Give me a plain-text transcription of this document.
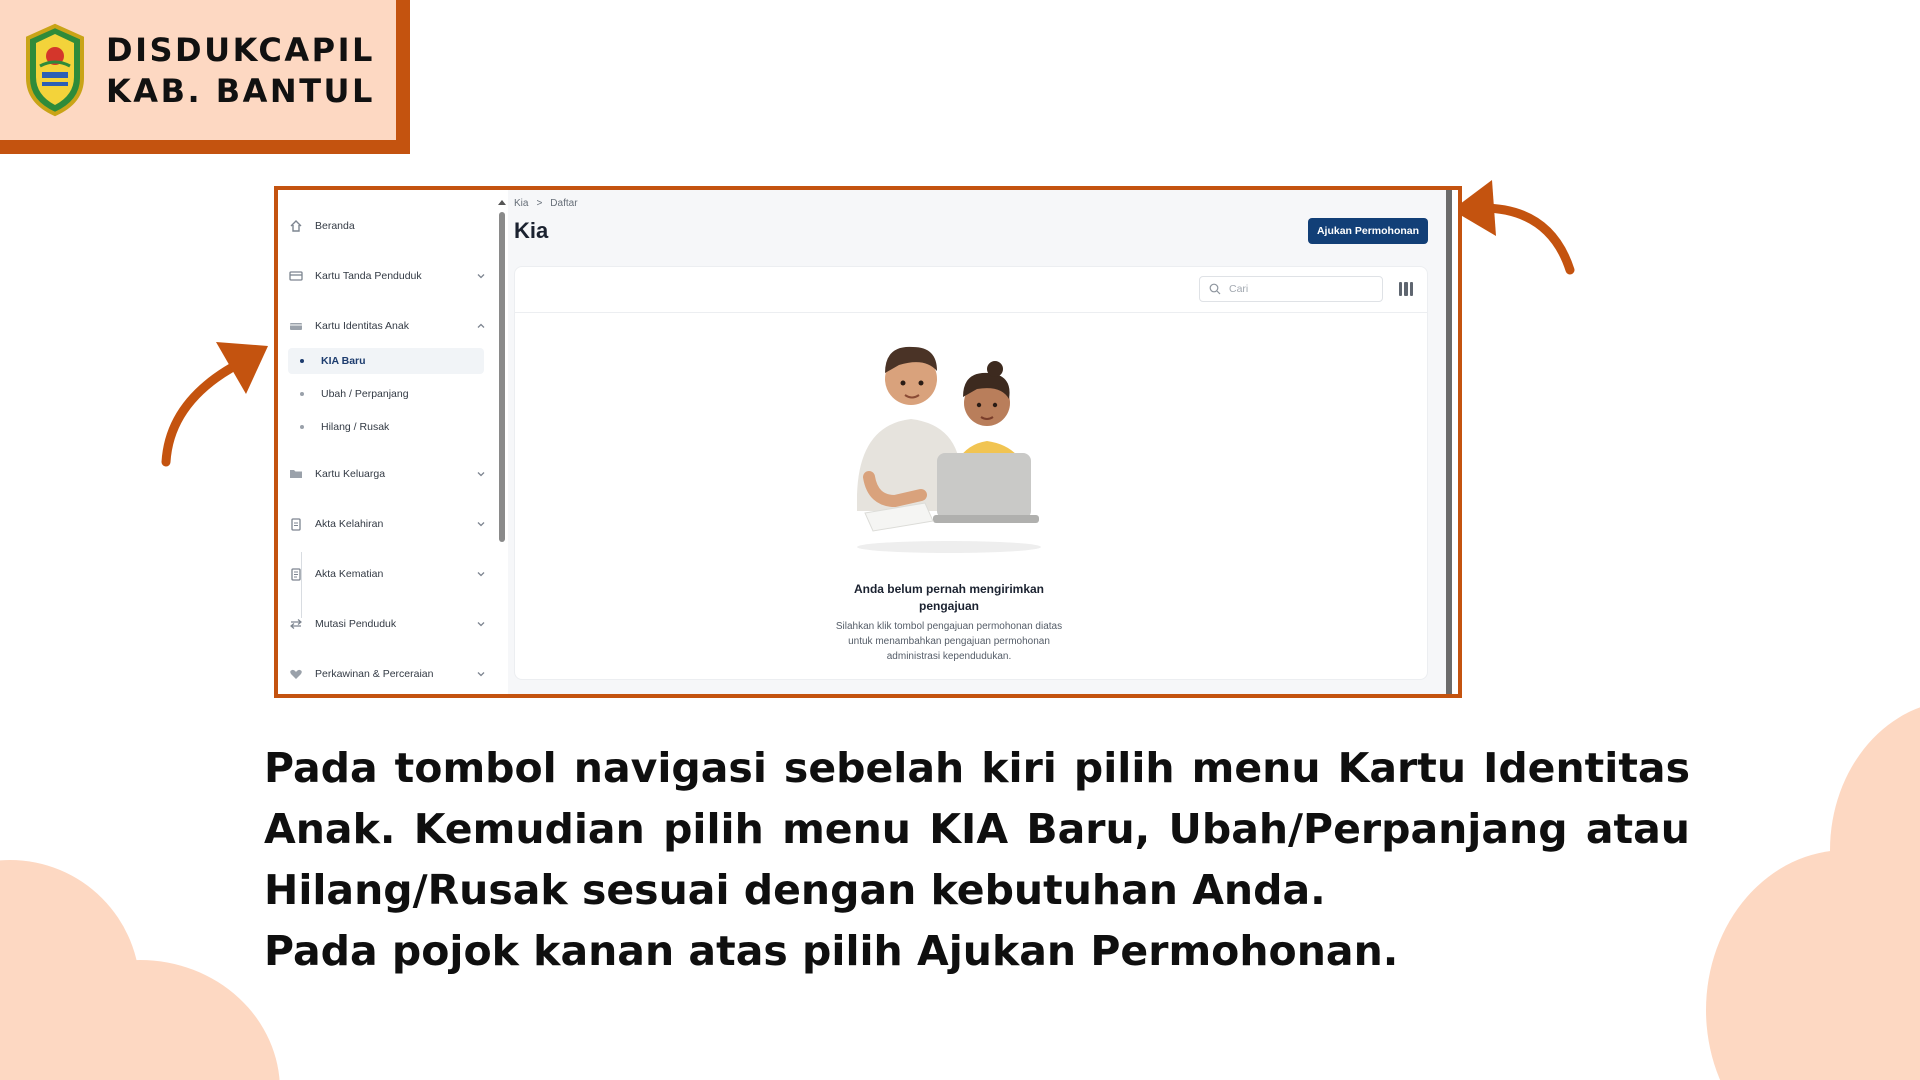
DISDUKCAPIL
KAB. BANTUL
Beranda
Kartu Tanda Penduduk
Kartu Identitas Anak
KIA Baru
Ubah / Perpanjang
Hilang / Rusak
Kartu Keluarga
Akta Kelahiran
Akta Kematian
Mutasi Penduduk
Perkawinan & Perceraian
Kia > Daftar
Kia	Ajukan Permohonan
Cari
Anda belum pernah mengirimkan pengajuan
Silahkan klik tombol pengajuan permohonan diatas untuk menambahkan pengajuan permohonan administrasi kependudukan.

Pada tombol navigasi sebelah kiri pilih menu Kartu Identitas Anak. Kemudian pilih menu KIA Baru, Ubah/Perpanjang atau Hilang/Rusak sesuai dengan kebutuhan Anda.

Pada pojok kanan atas pilih Ajukan Permohonan.
